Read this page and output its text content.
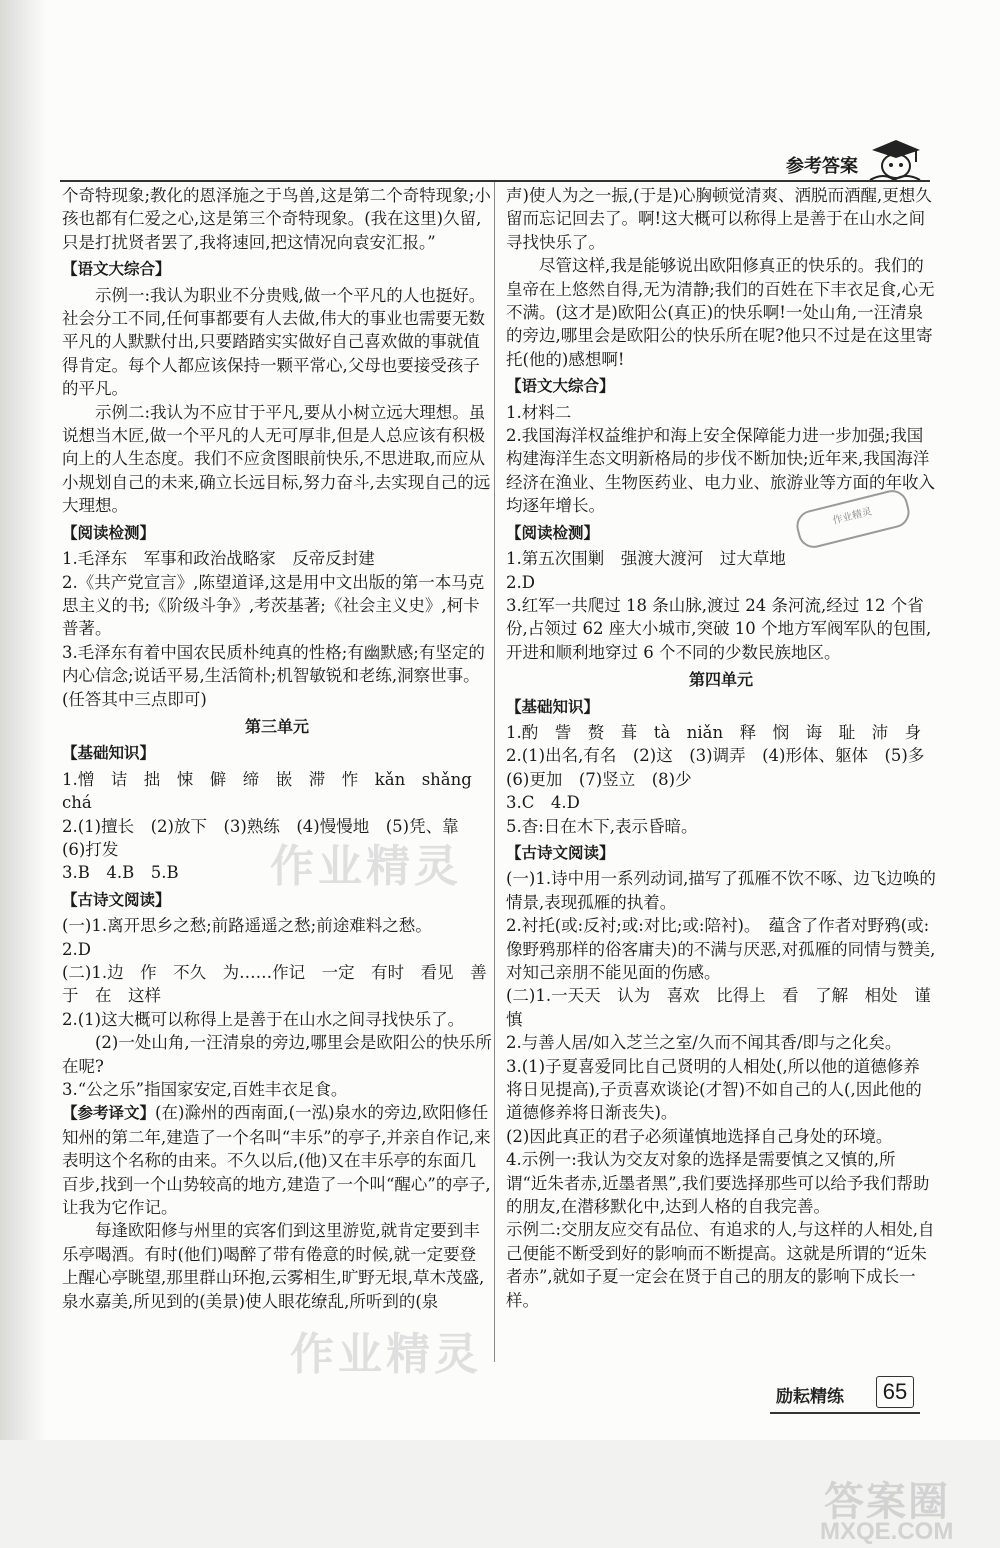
参考答案

个奇特现象;教化的恩泽施之于鸟兽,这是第二个奇特现象;小孩也都有仁爱之心,这是第三个奇特现象。(我在这里)久留,只是打扰贤者罢了,我将速回,把这情况向袁安汇报。”

【语文大综合】

示例一:我认为职业不分贵贱,做一个平凡的人也挺好。社会分工不同,任何事都要有人去做,伟大的事业也需要无数平凡的人默默付出,只要踏踏实实做好自己喜欢做的事就值得肯定。每个人都应该保持一颗平常心,父母也要接受孩子的平凡。

示例二:我认为不应甘于平凡,要从小树立远大理想。虽说想当木匠,做一个平凡的人无可厚非,但是人总应该有积极向上的人生态度。我们不应贪图眼前快乐,不思进取,而应从小规划自己的未来,确立长远目标,努力奋斗,去实现自己的远大理想。

【阅读检测】

1.毛泽东　军事和政治战略家　反帝反封建

2.《共产党宣言》,陈望道译,这是用中文出版的第一本马克思主义的书;《阶级斗争》,考茨基著;《社会主义史》,柯卡普著。

3.毛泽东有着中国农民质朴纯真的性格;有幽默感;有坚定的内心信念;说话平易,生活简朴;机智敏锐和老练,洞察世事。(任答其中三点即可)

第三单元
【基础知识】

1.憎　诘　拙　悚　僻　缔　嵌　滞　怍　kǎn　shǎng　chá

2.(1)擅长　(2)放下　(3)熟练　(4)慢慢地　(5)凭、靠　(6)打发

3.B　4.B　5.B

【古诗文阅读】

(一)1.离开思乡之愁;前路遥遥之愁;前途难料之愁。

2.D

(二)1.边　作　不久　为……作记　一定　有时　看见　善于　在　这样

2.(1)这大概可以称得上是善于在山水之间寻找快乐了。

(2)一处山角,一汪清泉的旁边,哪里会是欧阳公的快乐所在呢?

3.“公之乐”指国家安定,百姓丰衣足食。

【参考译文】(在)滁州的西南面,(一泓)泉水的旁边,欧阳修任知州的第二年,建造了一个名叫“丰乐”的亭子,并亲自作记,来表明这个名称的由来。不久以后,(他)又在丰乐亭的东面几百步,找到一个山势较高的地方,建造了一个叫“醒心”的亭子,让我为它作记。

每逢欧阳修与州里的宾客们到这里游览,就肯定要到丰乐亭喝酒。有时(他们)喝醉了带有倦意的时候,就一定要登上醒心亭眺望,那里群山环抱,云雾相生,旷野无垠,草木茂盛,泉水嘉美,所见到的(美景)使人眼花缭乱,所听到的(泉

声)使人为之一振,(于是)心胸顿觉清爽、洒脱而酒醒,更想久留而忘记回去了。啊!这大概可以称得上是善于在山水之间寻找快乐了。

尽管这样,我是能够说出欧阳修真正的快乐的。我们的皇帝在上悠然自得,无为清静;我们的百姓在下丰衣足食,心无不满。(这才是)欧阳公(真正)的快乐啊!一处山角,一汪清泉的旁边,哪里会是欧阳公的快乐所在呢?他只不过是在这里寄托(他的)感想啊!

【语文大综合】

1.材料二

2.我国海洋权益维护和海上安全保障能力进一步加强;我国构建海洋生态文明新格局的步伐不断加快;近年来,我国海洋经济在渔业、生物医药业、电力业、旅游业等方面的年收入均逐年增长。

【阅读检测】

1.第五次围剿　强渡大渡河　过大草地

2.D

3.红军一共爬过 18 条山脉,渡过 24 条河流,经过 12 个省份,占领过 62 座大小城市,突破 10 个地方军阀军队的包围,开进和顺利地穿过 6 个不同的少数民族地区。

第四单元
【基础知识】

1.酌　訾　赘　葺　tà　niǎn　释　悯　诲　耻　沛　身

2.(1)出名,有名　(2)这　(3)调弄　(4)形体、躯体　(5)多　(6)更加　(7)竖立　(8)少

3.C　4.D

5.杳:日在木下,表示昏暗。

【古诗文阅读】

(一)1.诗中用一系列动词,描写了孤雁不饮不啄、边飞边唤的情景,表现孤雁的执着。

2.衬托(或:反衬;或:对比;或:陪衬)。　蕴含了作者对野鸦(或:像野鸦那样的俗客庸夫)的不满与厌恶,对孤雁的同情与赞美,对知己亲朋不能见面的伤感。

(二)1.一天天　认为　喜欢　比得上　看　了解　相处　谨慎

2.与善人居/如入芝兰之室/久而不闻其香/即与之化矣。

3.(1)子夏喜爱同比自己贤明的人相处(,所以他的道德修养将日见提高),子贡喜欢谈论(才智)不如自己的人(,因此他的道德修养将日渐丧失)。

(2)因此真正的君子必须谨慎地选择自己身处的环境。

4.示例一:我认为交友对象的选择是需要慎之又慎的,所谓“近朱者赤,近墨者黑”,我们要选择那些可以给予我们帮助的朋友,在潜移默化中,达到人格的自我完善。

示例二:交朋友应交有品位、有追求的人,与这样的人相处,自己便能不断受到好的影响而不断提高。这就是所谓的“近朱者赤”,就如子夏一定会在贤于自己的朋友的影响下成长一样。

作业精灵
作业精灵
作业精灵
励耘精练	65
答案圈
MXQE.COM
